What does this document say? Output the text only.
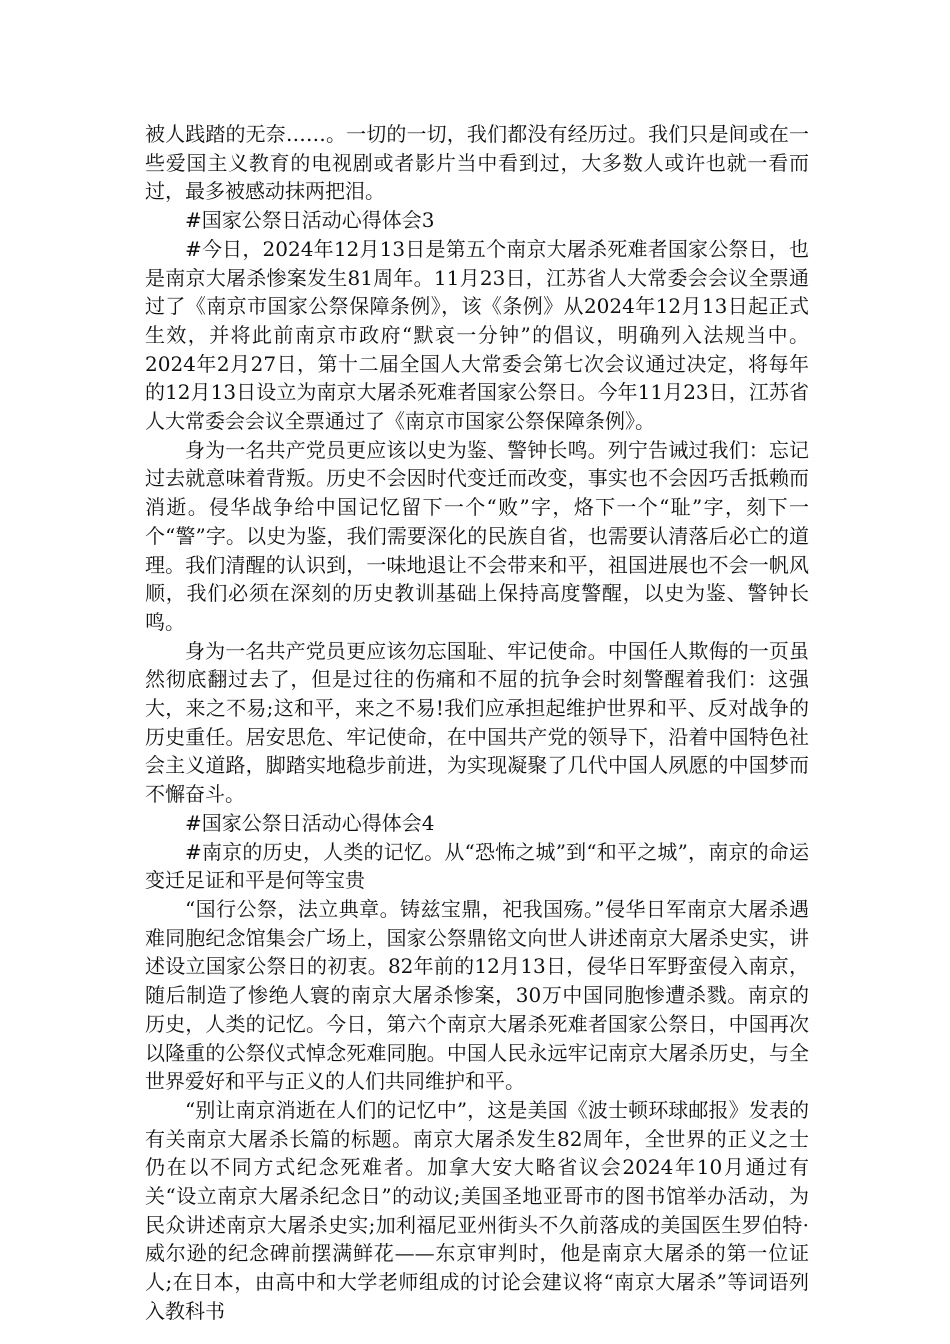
被人践踏的无奈……。一切的一切，我们都没有经历过。我们只是间或在一些爱国主义教育的电视剧或者影片当中看到过，大多数人或许也就一看而过，最多被感动抹两把泪。

#国家公祭日活动心得体会3

#今日，2024年12月13日是第五个南京大屠杀死难者国家公祭日，也是南京大屠杀惨案发生81周年。11月23日，江苏省人大常委会会议全票通过了《南京市国家公祭保障条例》，该《条例》从2024年12月13日起正式生效，并将此前南京市政府“默哀一分钟”的倡议，明确列入法规当中。2024年2月27日，第十二届全国人大常委会第七次会议通过决定，将每年的12月13日设立为南京大屠杀死难者国家公祭日。今年11月23日，江苏省人大常委会会议全票通过了《南京市国家公祭保障条例》。

身为一名共产党员更应该以史为鉴、警钟长鸣。列宁告诫过我们：忘记过去就意味着背叛。历史不会因时代变迁而改变，事实也不会因巧舌抵赖而消逝。侵华战争给中国记忆留下一个“败”字，烙下一个“耻”字，刻下一个“警”字。以史为鉴，我们需要深化的民族自省，也需要认清落后必亡的道理。我们清醒的认识到，一味地退让不会带来和平，祖国进展也不会一帆风顺，我们必须在深刻的历史教训基础上保持高度警醒，以史为鉴、警钟长鸣。

身为一名共产党员更应该勿忘国耻、牢记使命。中国任人欺侮的一页虽然彻底翻过去了，但是过往的伤痛和不屈的抗争会时刻警醒着我们：这强大，来之不易;这和平，来之不易!我们应承担起维护世界和平、反对战争的历史重任。居安思危、牢记使命，在中国共产党的领导下，沿着中国特色社会主义道路，脚踏实地稳步前进，为实现凝聚了几代中国人夙愿的中国梦而不懈奋斗。

#国家公祭日活动心得体会4

#南京的历史，人类的记忆。从“恐怖之城”到“和平之城”，南京的命运变迁足证和平是何等宝贵

“国行公祭，法立典章。铸兹宝鼎，祀我国殇。”侵华日军南京大屠杀遇难同胞纪念馆集会广场上，国家公祭鼎铭文向世人讲述南京大屠杀史实，讲述设立国家公祭日的初衷。82年前的12月13日，侵华日军野蛮侵入南京，随后制造了惨绝人寰的南京大屠杀惨案，30万中国同胞惨遭杀戮。南京的历史，人类的记忆。今日，第六个南京大屠杀死难者国家公祭日，中国再次以隆重的公祭仪式悼念死难同胞。中国人民永远牢记南京大屠杀历史，与全世界爱好和平与正义的人们共同维护和平。

“别让南京消逝在人们的记忆中”，这是美国《波士顿环球邮报》发表的有关南京大屠杀长篇的标题。南京大屠杀发生82周年，全世界的正义之士仍在以不同方式纪念死难者。加拿大安大略省议会2024年10月通过有关“设立南京大屠杀纪念日”的动议;美国圣地亚哥市的图书馆举办活动，为民众讲述南京大屠杀史实;加利福尼亚州街头不久前落成的美国医生罗伯特·威尔逊的纪念碑前摆满鲜花——东京审判时，他是南京大屠杀的第一位证人;在日本，由高中和大学老师组成的讨论会建议将“南京大屠杀”等词语列入教科书
